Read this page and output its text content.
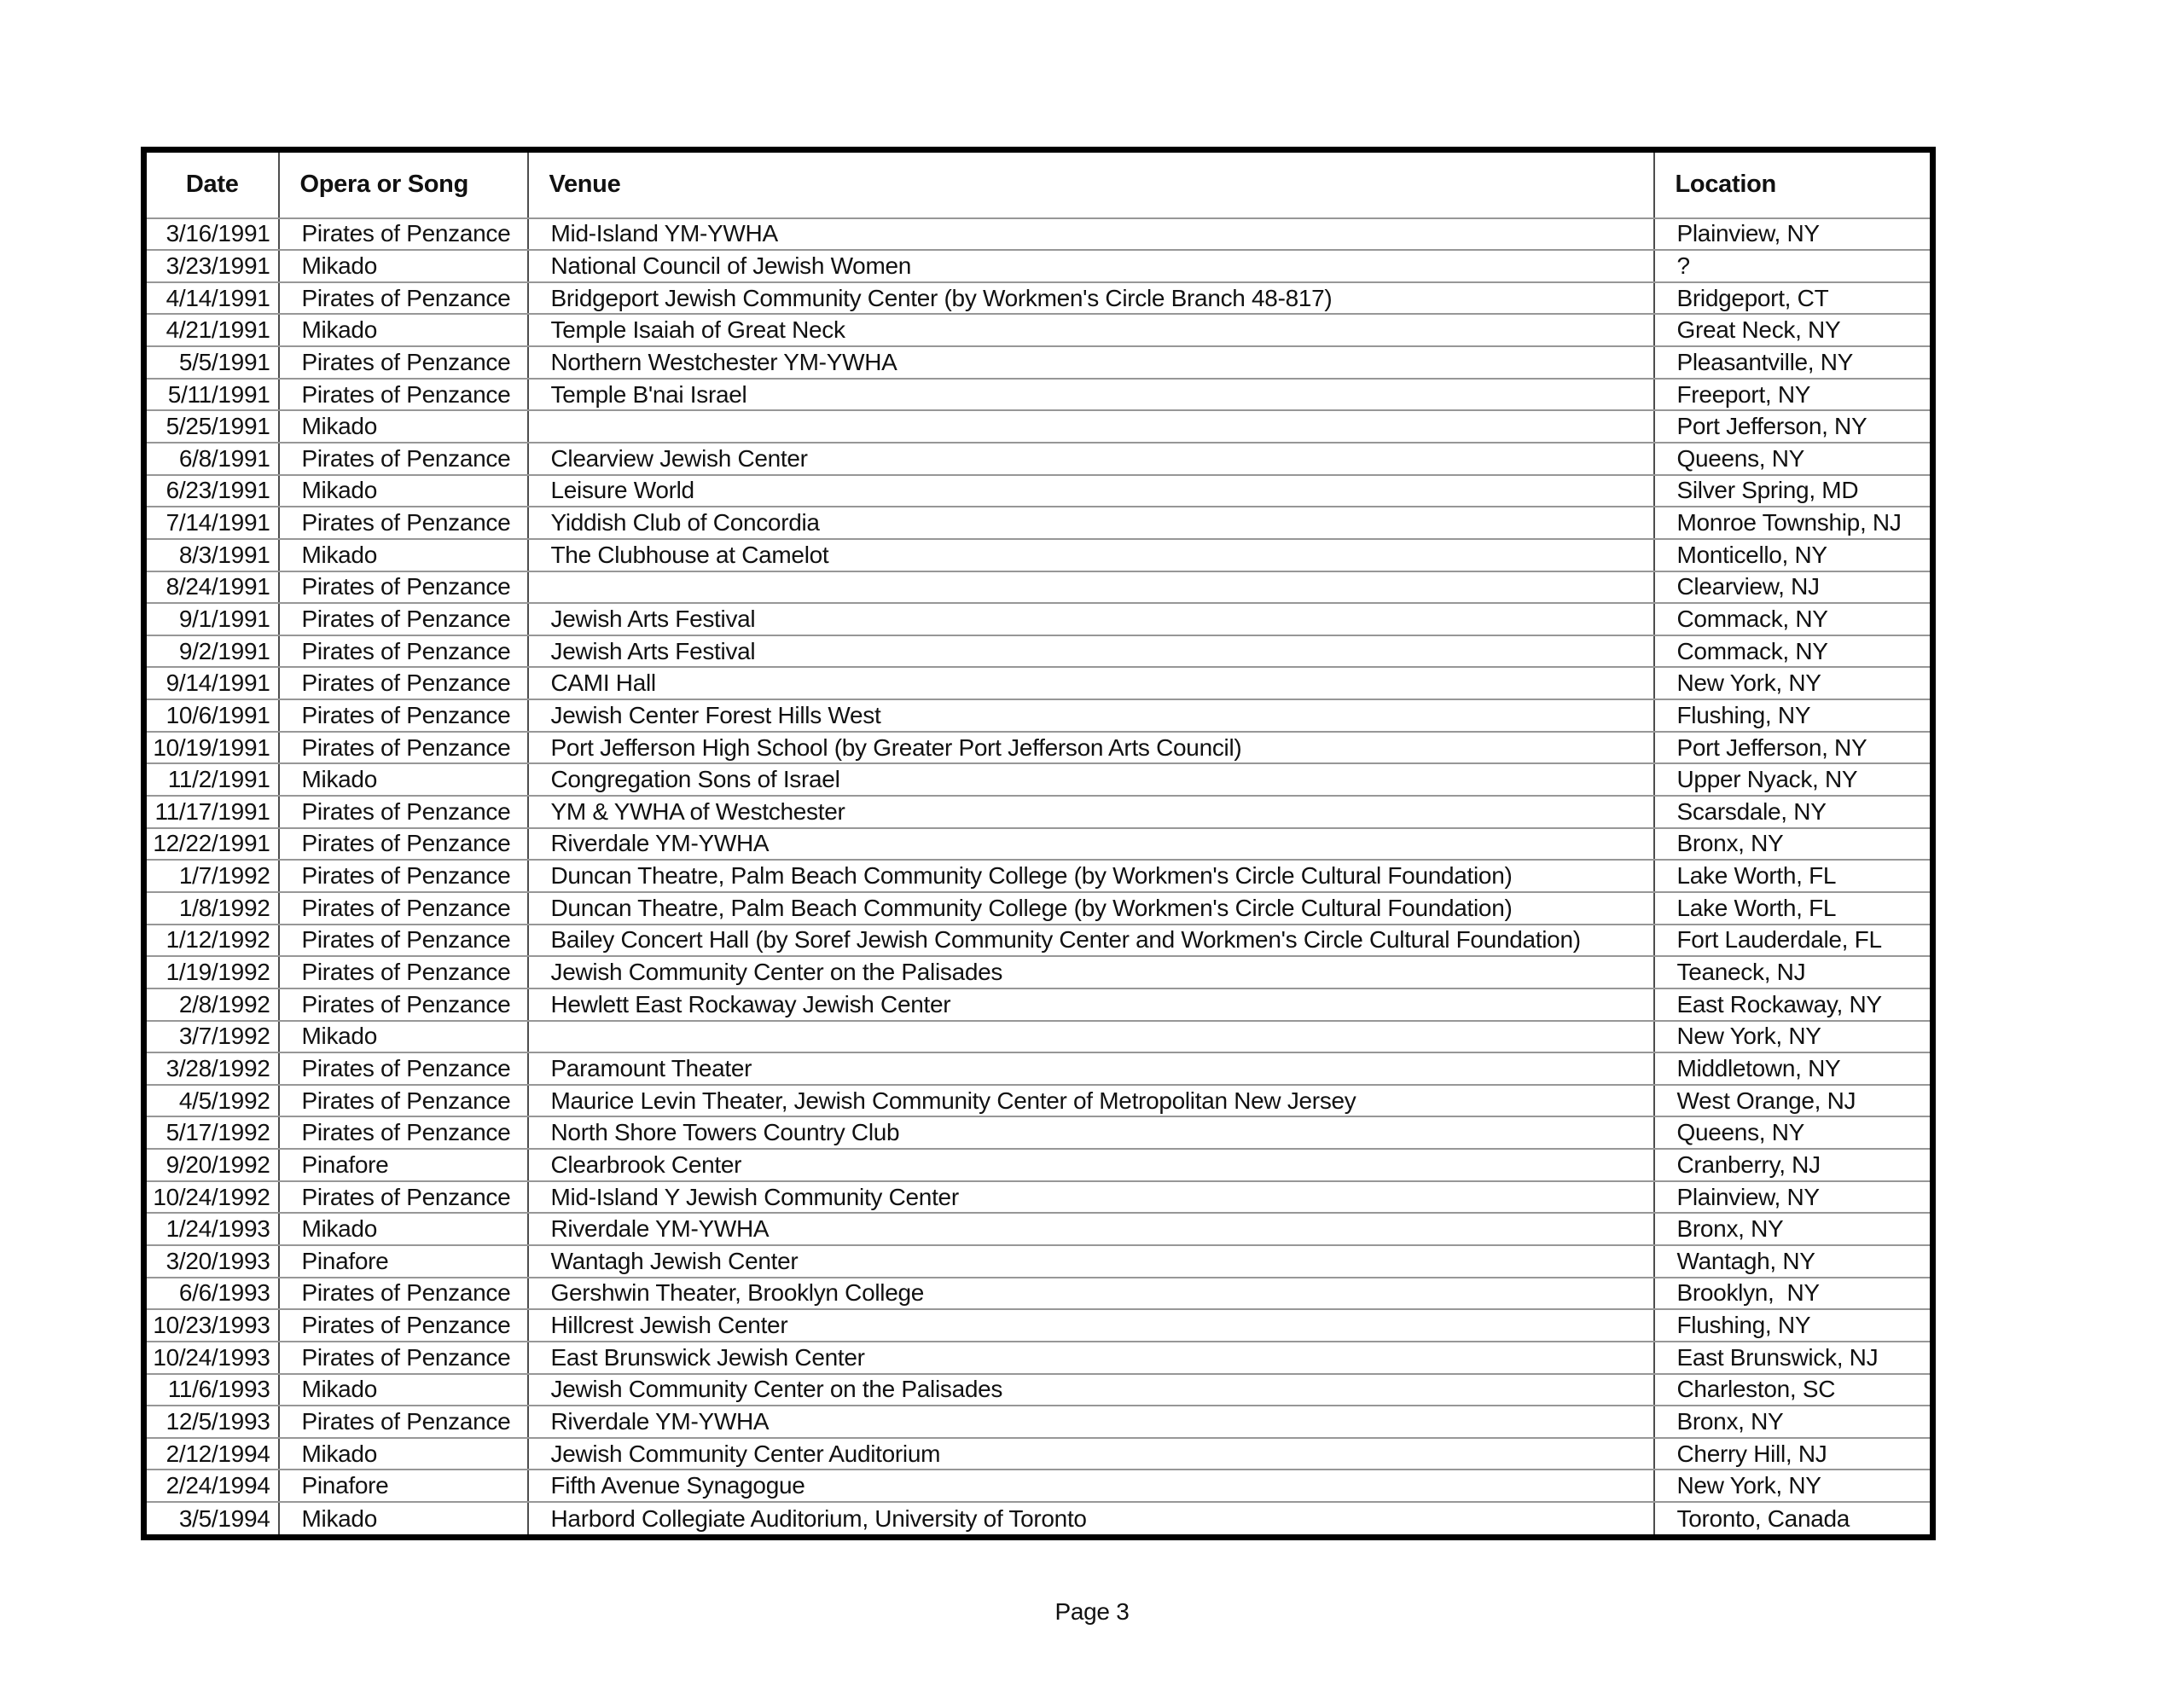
Date	Opera or Song	Venue	Location
3/16/1991	Pirates of Penzance	Mid-Island YM-YWHA	Plainview, NY
3/23/1991	Mikado	National Council of Jewish Women	?
4/14/1991	Pirates of Penzance	Bridgeport Jewish Community Center (by Workmen's Circle Branch 48-817)	Bridgeport, CT
4/21/1991	Mikado	Temple Isaiah of Great Neck	Great Neck, NY
5/5/1991	Pirates of Penzance	Northern Westchester YM-YWHA	Pleasantville, NY
5/11/1991	Pirates of Penzance	Temple B'nai Israel	Freeport, NY
5/25/1991	Mikado		Port Jefferson, NY
6/8/1991	Pirates of Penzance	Clearview Jewish Center	Queens, NY
6/23/1991	Mikado	Leisure World	Silver Spring, MD
7/14/1991	Pirates of Penzance	Yiddish Club of Concordia	Monroe Township, NJ
8/3/1991	Mikado	The Clubhouse at Camelot	Monticello, NY
8/24/1991	Pirates of Penzance		Clearview, NJ
9/1/1991	Pirates of Penzance	Jewish Arts Festival	Commack, NY
9/2/1991	Pirates of Penzance	Jewish Arts Festival	Commack, NY
9/14/1991	Pirates of Penzance	CAMI Hall	New York, NY
10/6/1991	Pirates of Penzance	Jewish Center Forest Hills West	Flushing, NY
10/19/1991	Pirates of Penzance	Port Jefferson High School (by Greater Port Jefferson Arts Council)	Port Jefferson, NY
11/2/1991	Mikado	Congregation Sons of Israel	Upper Nyack, NY
11/17/1991	Pirates of Penzance	YM & YWHA of Westchester	Scarsdale, NY
12/22/1991	Pirates of Penzance	Riverdale YM-YWHA	Bronx, NY
1/7/1992	Pirates of Penzance	Duncan Theatre, Palm Beach Community College (by Workmen's Circle Cultural Foundation)	Lake Worth, FL
1/8/1992	Pirates of Penzance	Duncan Theatre, Palm Beach Community College (by Workmen's Circle Cultural Foundation)	Lake Worth, FL
1/12/1992	Pirates of Penzance	Bailey Concert Hall (by Soref Jewish Community Center and Workmen's Circle Cultural Foundation)	Fort Lauderdale, FL
1/19/1992	Pirates of Penzance	Jewish Community Center on the Palisades	Teaneck, NJ
2/8/1992	Pirates of Penzance	Hewlett East Rockaway Jewish Center	East Rockaway, NY
3/7/1992	Mikado		New York, NY
3/28/1992	Pirates of Penzance	Paramount Theater	Middletown, NY
4/5/1992	Pirates of Penzance	Maurice Levin Theater, Jewish Community Center of Metropolitan New Jersey	West Orange, NJ
5/17/1992	Pirates of Penzance	North Shore Towers Country Club	Queens, NY
9/20/1992	Pinafore	Clearbrook Center	Cranberry, NJ
10/24/1992	Pirates of Penzance	Mid-Island Y Jewish Community Center	Plainview, NY
1/24/1993	Mikado	Riverdale YM-YWHA	Bronx, NY
3/20/1993	Pinafore	Wantagh Jewish Center	Wantagh, NY
6/6/1993	Pirates of Penzance	Gershwin Theater, Brooklyn College	Brooklyn,  NY
10/23/1993	Pirates of Penzance	Hillcrest Jewish Center	Flushing, NY
10/24/1993	Pirates of Penzance	East Brunswick Jewish Center	East Brunswick, NJ
11/6/1993	Mikado	Jewish Community Center on the Palisades	Charleston, SC
12/5/1993	Pirates of Penzance	Riverdale YM-YWHA	Bronx, NY
2/12/1994	Mikado	Jewish Community Center Auditorium	Cherry Hill, NJ
2/24/1994	Pinafore	Fifth Avenue Synagogue	New York, NY
3/5/1994	Mikado	Harbord Collegiate Auditorium, University of Toronto	Toronto, Canada
Page 3
